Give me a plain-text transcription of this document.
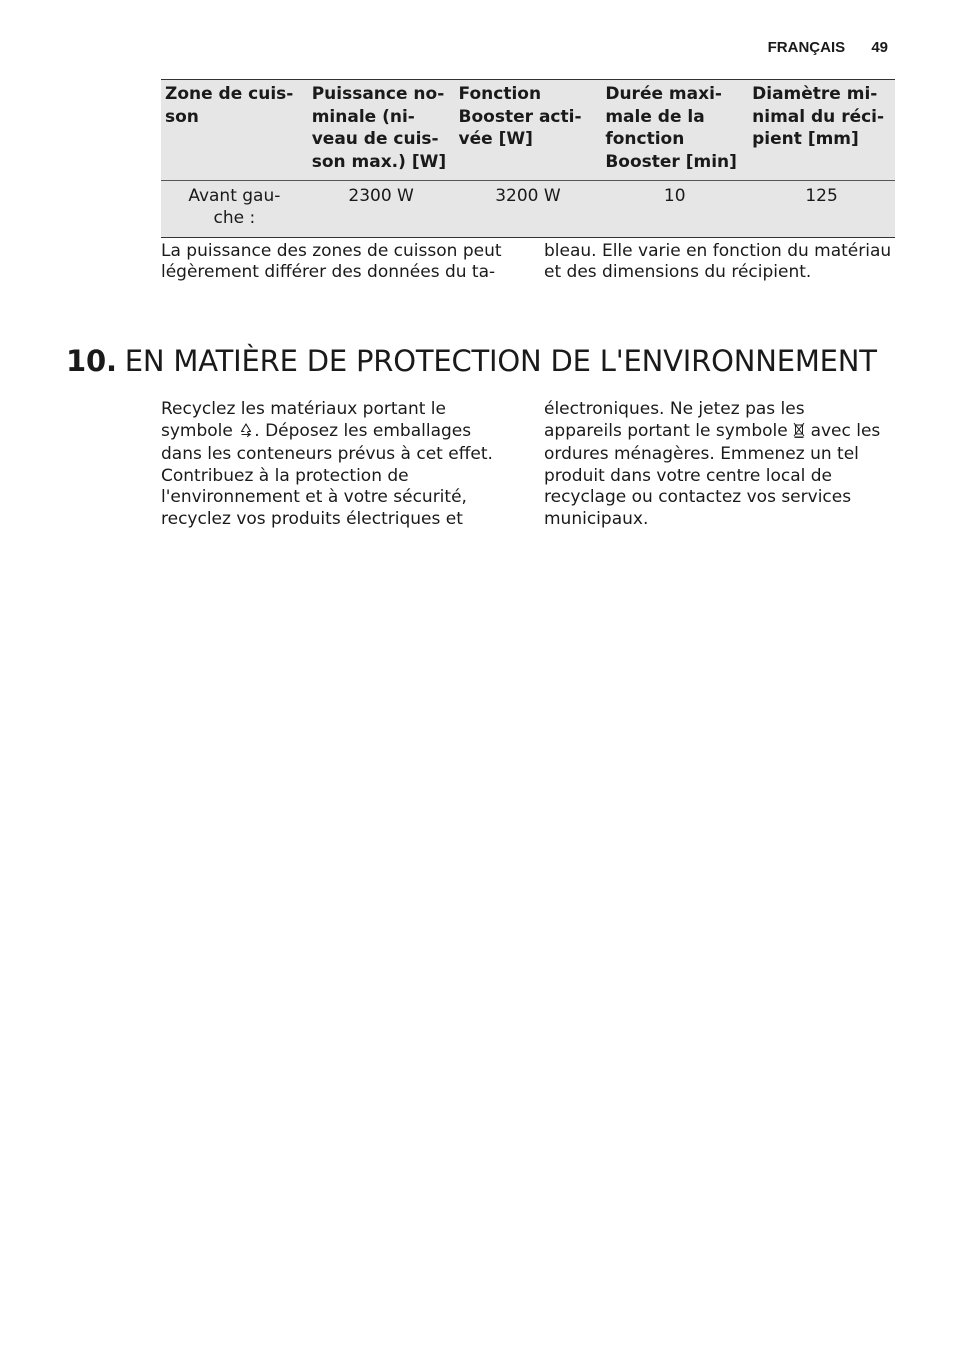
FRANÇAIS 49
Zone de cuis-
son	Puissance no-
minale (ni-
veau de cuis-
son max.) [W]	Fonction
Booster acti-
vée [W]	Durée maxi-
male de la
fonction
Booster [min]	Diamètre mi-
nimal du réci-
pient [mm]
Avant gau-
che :	2300 W	3200 W	10	125
La puissance des zones de cuisson peut légèrement différer des données du ta-
bleau. Elle varie en fonction du matériau et des dimensions du récipient.
10. EN MATIÈRE DE PROTECTION DE L'ENVIRONNEMENT

Recyclez les matériaux portant le symbole . Déposez les emballages dans les conteneurs prévus à cet effet.

Contribuez à la protection de l'environnement et à votre sécurité, recyclez vos produits électriques et

électroniques. Ne jetez pas les appareils portant le symbole avec les ordures ménagères. Emmenez un tel produit dans votre centre local de recyclage ou contactez vos services municipaux.
